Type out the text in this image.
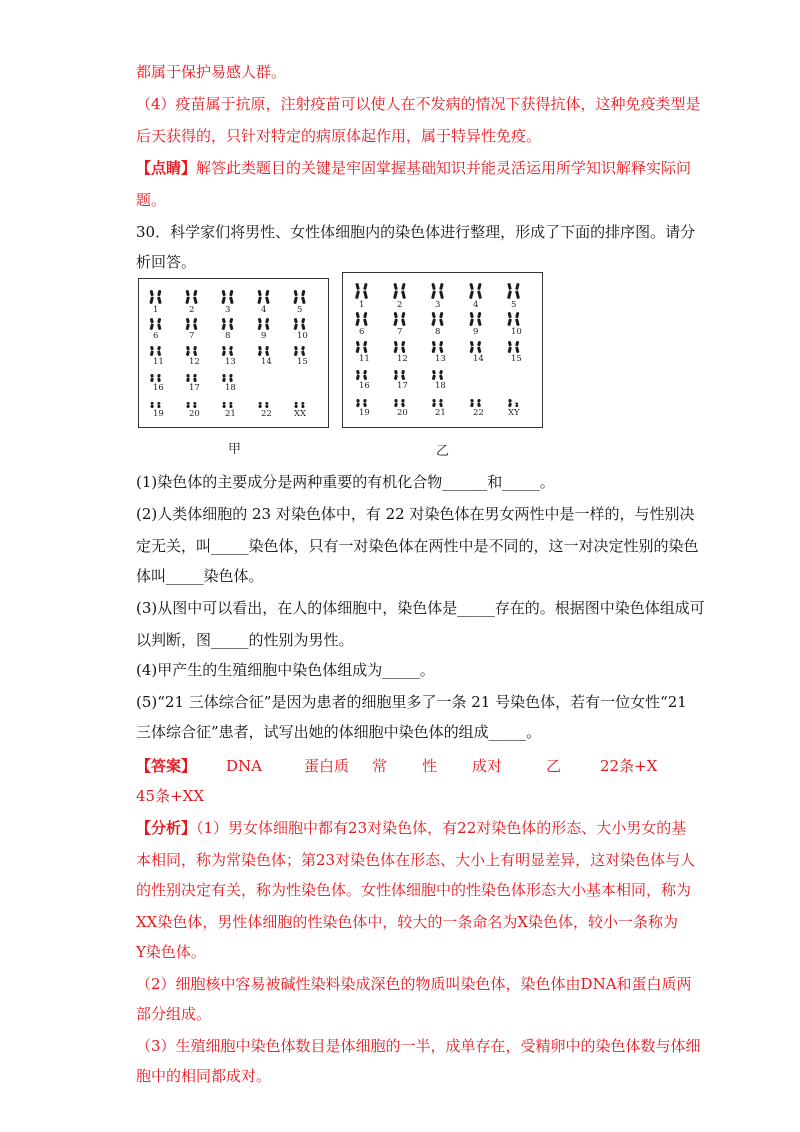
都属于保护易感人群。
（4）疫苗属于抗原，注射疫苗可以使人在不发病的情况下获得抗体，这种免疫类型是
后天获得的，只针对特定的病原体起作用，属于特异性免疫。
【点睛】解答此类题目的关键是牢固掌握基础知识并能灵活运用所学知识解释实际问
题。
30．科学家们将男性、女性体细胞内的染色体进行整理，形成了下面的排序图。请分
析回答。
1	2	3	4	5
6	7	8	9	10
11	12	13	14	15
16	17	18
19	20	21	22	XX
1	2	3	4	5
6	7	8	9	10
11	12	13	14	15
16	17	18
19	20	21	22	XY
甲	乙
(1)染色体的主要成分是两种重要的有机化合物______和_____。
(2)人类体细胞的 23 对染色体中，有 22 对染色体在男女两性中是一样的，与性别决
定无关，叫_____染色体，只有一对染色体在两性中是不同的，这一对决定性别的染色
体叫_____染色体。
(3)从图中可以看出，在人的体细胞中，染色体是_____存在的。根据图中染色体组成可
以判断，图_____的性别为男性。
(4)甲产生的生殖细胞中染色体组成为_____。
(5)“21 三体综合征”是因为患者的细胞里多了一条 21 号染色体，若有一位女性“21
三体综合征”患者，试写出她的体细胞中染色体的组成_____。
【答案】 DNA	蛋白质 常 性 成对	乙	22条+X
45条+XX
【分析】（1）男女体细胞中都有23对染色体，有22对染色体的形态、大小男女的基
本相同，称为常染色体；第23对染色体在形态、大小上有明显差异，这对染色体与人
的性别决定有关，称为性染色体。女性体细胞中的性染色体形态大小基本相同，称为
XX染色体，男性体细胞的性染色体中，较大的一条命名为X染色体，较小一条称为
Y染色体。
（2）细胞核中容易被碱性染料染成深色的物质叫染色体，染色体由DNA和蛋白质两
部分组成。
（3）生殖细胞中染色体数目是体细胞的一半，成单存在，受精卵中的染色体数与体细
胞中的相同都成对。
